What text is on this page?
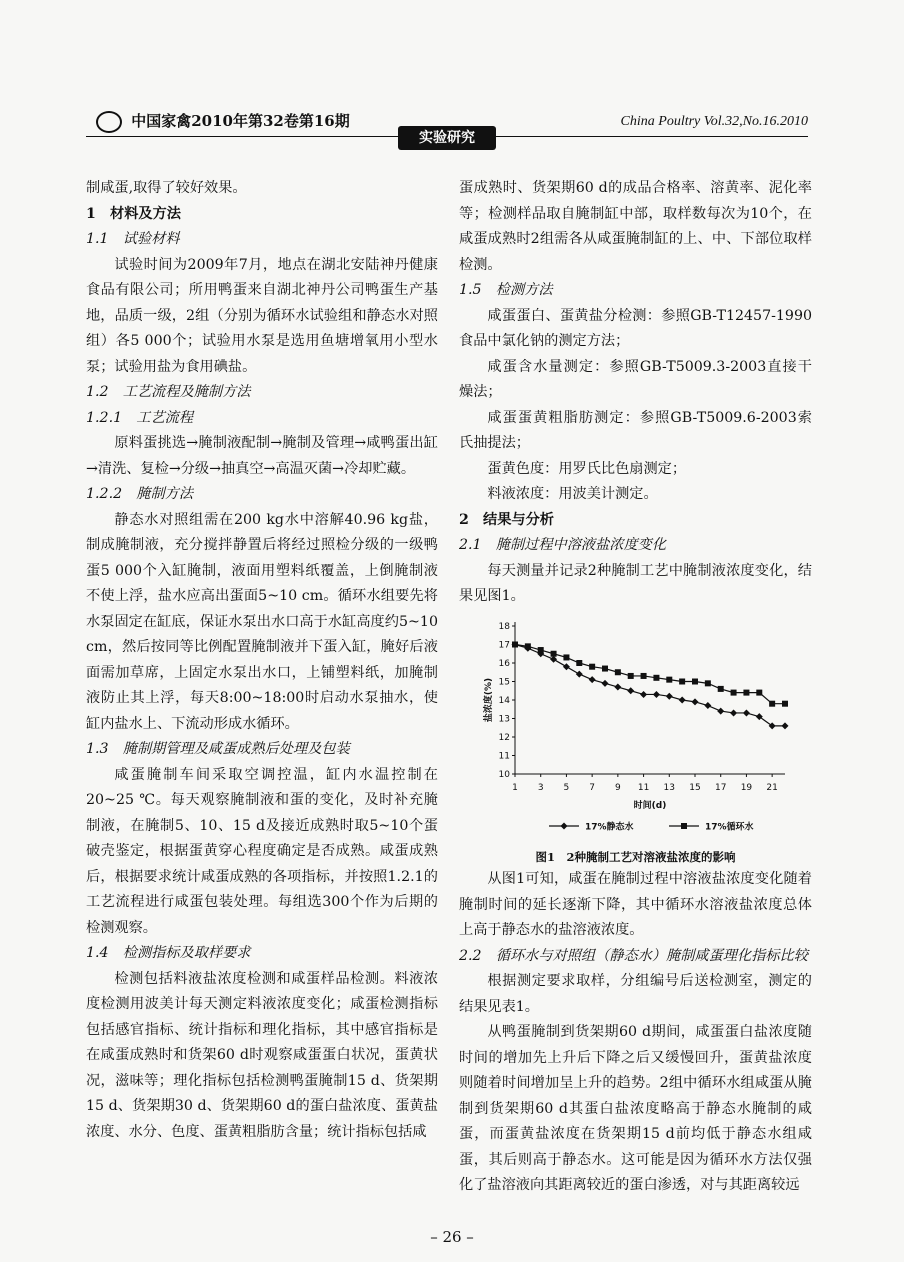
中国家禽2010年第32卷第16期	China Poultry Vol.32,No.16.2010
实验研究

制咸蛋,取得了较好效果。

1　材料及方法

1.1　试验材料

试验时间为2009年7月，地点在湖北安陆神丹健康食品有限公司；所用鸭蛋来自湖北神丹公司鸭蛋生产基地，品质一级，2组（分别为循环水试验组和静态水对照组）各5 000个；试验用水泵是选用鱼塘增氧用小型水泵；试验用盐为食用碘盐。

1.2　工艺流程及腌制方法

1.2.1　工艺流程

原料蛋挑选→腌制液配制→腌制及管理→咸鸭蛋出缸→清洗、复检→分级→抽真空→高温灭菌→冷却贮藏。

1.2.2　腌制方法

静态水对照组需在200 kg水中溶解40.96 kg盐，制成腌制液，充分搅拌静置后将经过照检分级的一级鸭蛋5 000个入缸腌制，液面用塑料纸覆盖，上倒腌制液不使上浮，盐水应高出蛋面5~10 cm。循环水组要先将水泵固定在缸底，保证水泵出水口高于水缸高度约5~10 cm，然后按同等比例配置腌制液并下蛋入缸，腌好后液面需加草席，上固定水泵出水口，上铺塑料纸，加腌制液防止其上浮，每天8:00~18:00时启动水泵抽水，使缸内盐水上、下流动形成水循环。

1.3　腌制期管理及咸蛋成熟后处理及包装

咸蛋腌制车间采取空调控温，缸内水温控制在20~25 ℃。每天观察腌制液和蛋的变化，及时补充腌制液，在腌制5、10、15 d及接近成熟时取5~10个蛋破壳鉴定，根据蛋黄穿心程度确定是否成熟。咸蛋成熟后，根据要求统计咸蛋成熟的各项指标，并按照1.2.1的工艺流程进行咸蛋包装处理。每组选300个作为后期的检测观察。

1.4　检测指标及取样要求

检测包括料液盐浓度检测和咸蛋样品检测。料液浓度检测用波美计每天测定料液浓度变化；咸蛋检测指标包括感官指标、统计指标和理化指标，其中感官指标是在咸蛋成熟时和货架60 d时观察咸蛋蛋白状况，蛋黄状况，滋味等；理化指标包括检测鸭蛋腌制15 d、货架期15 d、货架期30 d、货架期60 d的蛋白盐浓度、蛋黄盐浓度、水分、色度、蛋黄粗脂肪含量；统计指标包括咸

蛋成熟时、货架期60 d的成品合格率、溶黄率、泥化率等；检测样品取自腌制缸中部，取样数每次为10个，在咸蛋成熟时2组需各从咸蛋腌制缸的上、中、下部位取样检测。

1.5　检测方法

咸蛋蛋白、蛋黄盐分检测：参照GB-T12457-1990食品中氯化钠的测定方法；

咸蛋含水量测定：参照GB-T5009.3-2003直接干燥法；

咸蛋蛋黄粗脂肪测定：参照GB-T5009.6-2003索氏抽提法；

蛋黄色度：用罗氏比色扇测定；

料液浓度：用波美计测定。

2　结果与分析

2.1　腌制过程中溶液盐浓度变化

每天测量并记录2种腌制工艺中腌制液浓度变化，结果见图1。

10
11
12
13
14
15
16
17
18
1 3 5 7 9 11 13 15 17 19 21
时间(d)
盐浓度(%)
17%静态水	17%循环水
图1　2种腌制工艺对溶液盐浓度的影响

从图1可知，咸蛋在腌制过程中溶液盐浓度变化随着腌制时间的延长逐渐下降，其中循环水溶液盐浓度总体上高于静态水的盐溶液浓度。

2.2　循环水与对照组（静态水）腌制咸蛋理化指标比较

根据测定要求取样，分组编号后送检测室，测定的结果见表1。

从鸭蛋腌制到货架期60 d期间，咸蛋蛋白盐浓度随时间的增加先上升后下降之后又缓慢回升，蛋黄盐浓度则随着时间增加呈上升的趋势。2组中循环水组咸蛋从腌制到货架期60 d其蛋白盐浓度略高于静态水腌制的咸蛋，而蛋黄盐浓度在货架期15 d前均低于静态水组咸蛋，其后则高于静态水。这可能是因为循环水方法仅强化了盐溶液向其距离较近的蛋白渗透，对与其距离较远

– 26 –
